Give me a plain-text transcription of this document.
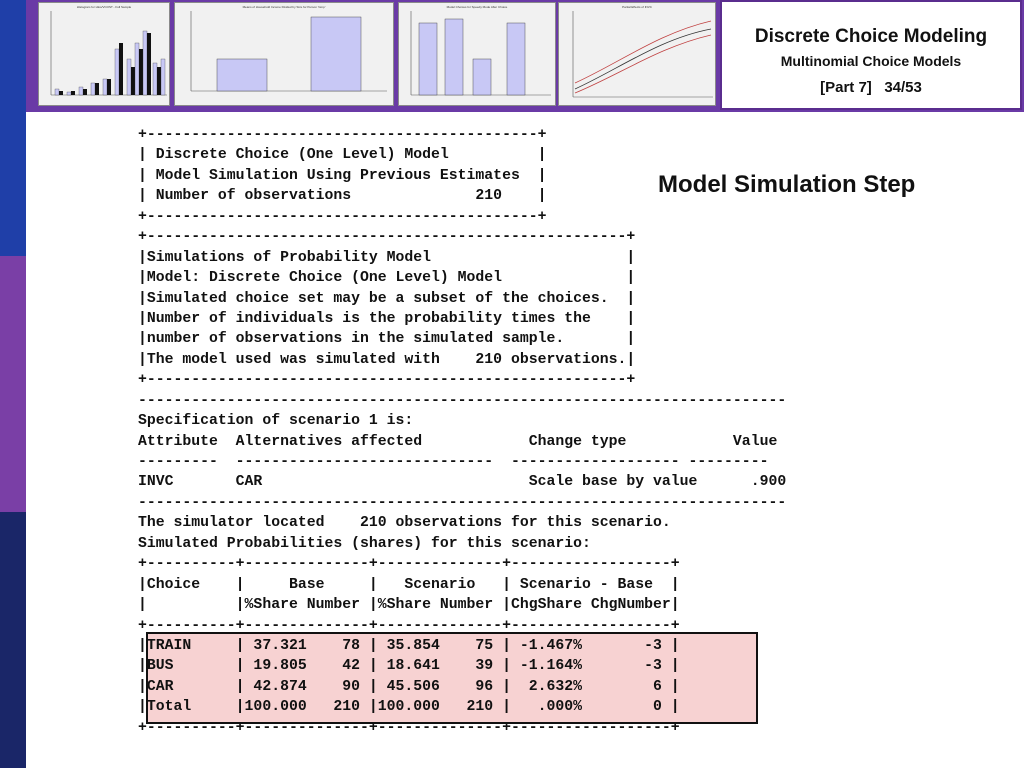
Histogram for Hlos/VCOST - Full Sample	Means of Household Income Divided by Size for Person 'Gmp'	Model Choices for Speedy Mode After Choice	Partial Effects of INVC
Discrete Choice Modeling
Multinomial Choice Models
[Part 7] 34/53
+--------------------------------------------+
| Discrete Choice (One Level) Model          |
| Model Simulation Using Previous Estimates  |
| Number of observations              210    |
+--------------------------------------------+
+------------------------------------------------------+
|Simulations of Probability Model                      |
|Model: Discrete Choice (One Level) Model              |
|Simulated choice set may be a subset of the choices.  |
|Number of individuals is the probability times the    |
|number of observations in the simulated sample.       |
|The model used was simulated with    210 observations.|
+------------------------------------------------------+
-------------------------------------------------------------------------
Specification of scenario 1 is:
Attribute  Alternatives affected            Change type            Value
---------  -----------------------------  ------------------- ---------
INVC       CAR                              Scale base by value      .900
-------------------------------------------------------------------------
The simulator located    210 observations for this scenario.
Simulated Probabilities (shares) for this scenario:
+----------+--------------+--------------+------------------+
|Choice    |     Base     |   Scenario   | Scenario - Base  |
|          |%Share Number |%Share Number |ChgShare ChgNumber|
+----------+--------------+--------------+------------------+
|TRAIN     | 37.321    78 | 35.854    75 | -1.467%       -3 |
|BUS       | 19.805    42 | 18.641    39 | -1.164%       -3 |
|CAR       | 42.874    90 | 45.506    96 |  2.632%        6 |
|Total     |100.000   210 |100.000   210 |   .000%        0 |
+----------+--------------+--------------+------------------+
Model Simulation Step
